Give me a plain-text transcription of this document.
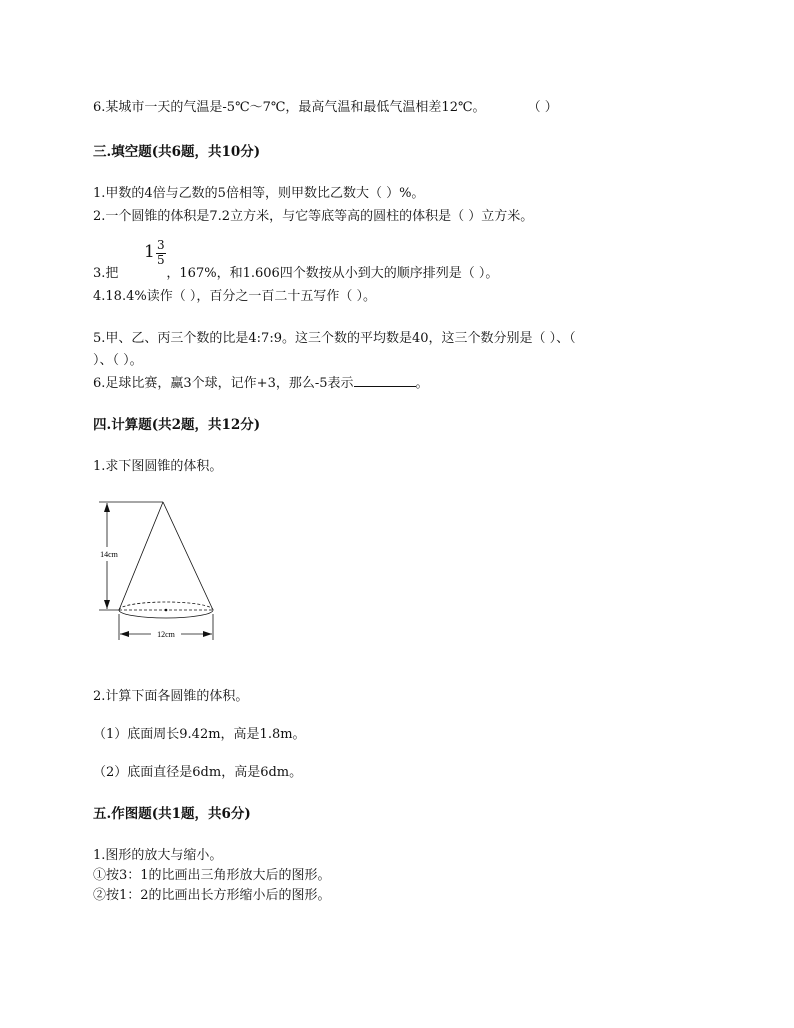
6.某城市一天的气温是-5℃～7℃，最高气温和最低气温相差12℃。	（ ）
三.填空题(共6题，共10分)
1.甲数的4倍与乙数的5倍相等，则甲数比乙数大（ ）%。
2.一个圆锥的体积是7.2立方米，与它等底等高的圆柱的体积是（ ）立方米。
1 3
5
3.把	，167%，和1.606四个数按从小到大的顺序排列是（ ）。
4.18.4%读作（ ），百分之一百二十五写作（ ）。
5.甲、乙、丙三个数的比是4:7:9。这三个数的平均数是40，这三个数分别是（ ）、（
）、（ ）。
6.足球比赛，赢3个球，记作+3，那么-5表示	。
四.计算题(共2题，共12分)
1.求下图圆锥的体积。
14cm
12cm
2.计算下面各圆锥的体积。
（1）底面周长9.42m，高是1.8m。
（2）底面直径是6dm，高是6dm。
五.作图题(共1题，共6分)
1.图形的放大与缩小。
①按3：1的比画出三角形放大后的图形。
②按1：2的比画出长方形缩小后的图形。
